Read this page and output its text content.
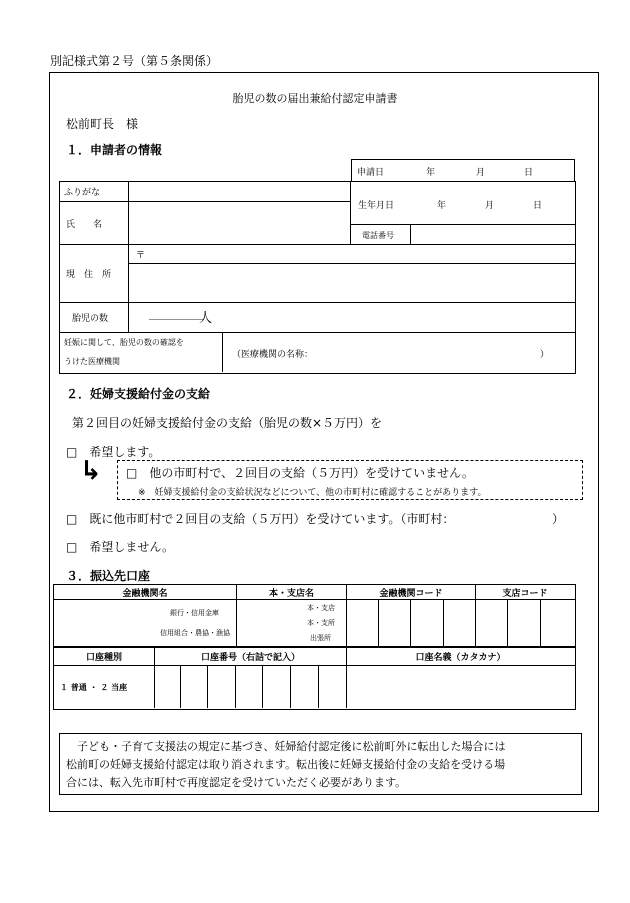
別記様式第２号（第５条関係）
胎児の数の届出兼給付認定申請書
松前町長　様
１．申請者の情報
申請日	年	月	日
ふりがな
氏　　名
生年月日	年	月	日
電話番号
〒
現　住　所
胎児の数	＿＿＿＿＿
人
妊娠に関して、胎児の数の確認を
うけた医療機関
（医療機関の名称：	）
２．妊婦支援給付金の支給
第２回目の妊婦支援給付金の支給（胎児の数×５万円）を
□　希望します。
↳ □　他の市町村で、２回目の支給（５万円）を受けていません。
※　妊婦支援給付金の支給状況などについて、他の市町村に確認することがあります。
□　既に他市町村で２回目の支給（５万円）を受けています。（市町村：	）
□　希望しません。
３．振込先口座
金融機関名	本・支店名	金融機関コード	支店コード
銀行・信用金庫
信用組合・農協・漁協
本・支店
本・支所
出張所
口座種別	口座番号（右詰で記入）	口座名義（カタカナ）
１ 普通 ・ ２ 当座
　子ども・子育て支援法の規定に基づき、妊婦給付認定後に松前町外に転出した場合には
松前町の妊婦支援給付認定は取り消されます。転出後に妊婦支援給付金の支給を受ける場
合には、転入先市町村で再度認定を受けていただく必要があります。
